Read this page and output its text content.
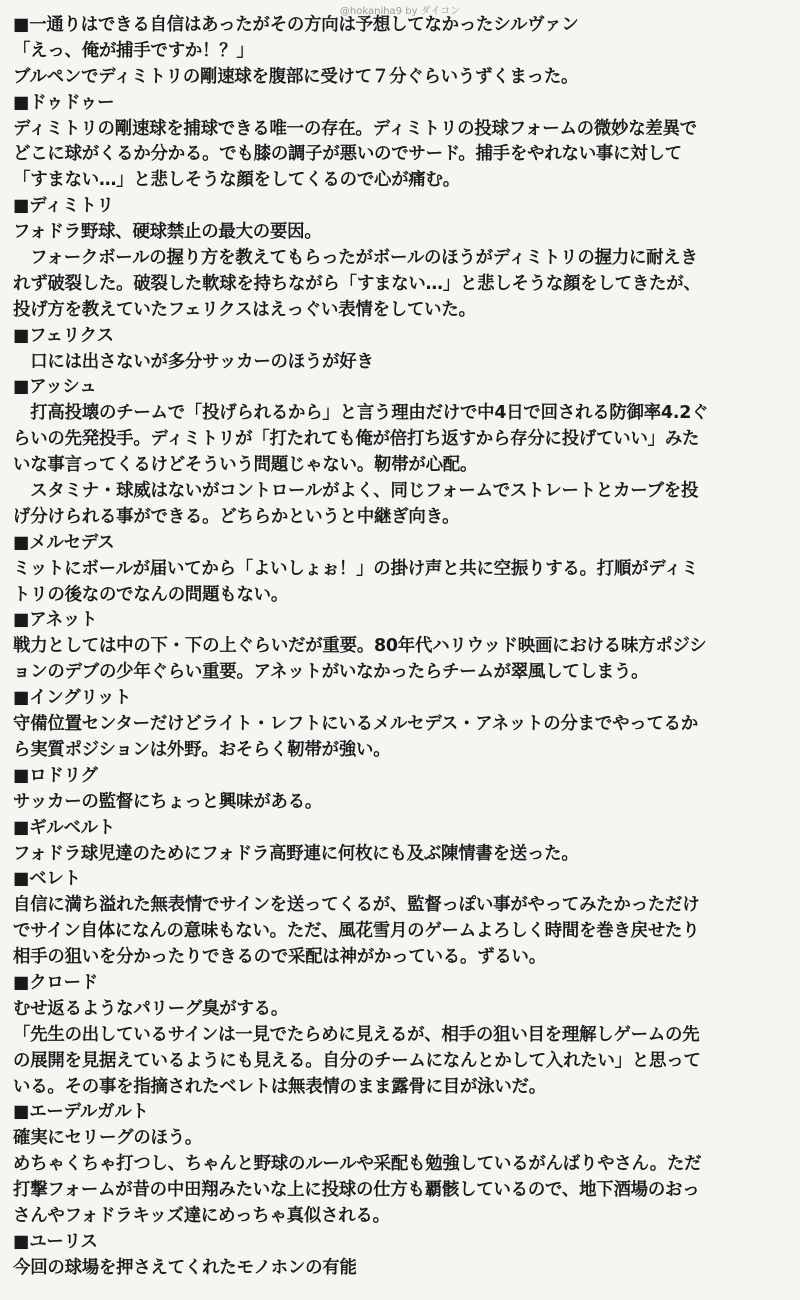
@hokaniha9 by ダイコン
■一通りはできる自信はあったがその方向は予想してなかったシルヴァン
「えっ、俺が捕手ですか！？」
ブルペンでディミトリの剛速球を腹部に受けて７分ぐらいうずくまった。
■ドゥドゥー
ディミトリの剛速球を捕球できる唯一の存在。ディミトリの投球フォームの微妙な差異で
どこに球がくるか分かる。でも膝の調子が悪いのでサード。捕手をやれない事に対して
「すまない…」と悲しそうな顔をしてくるので心が痛む。
■ディミトリ
フォドラ野球、硬球禁止の最大の要因。
　フォークボールの握り方を教えてもらったがボールのほうがディミトリの握力に耐えき
れず破裂した。破裂した軟球を持ちながら「すまない…」と悲しそうな顔をしてきたが、
投げ方を教えていたフェリクスはえっぐい表情をしていた。
■フェリクス
　口には出さないが多分サッカーのほうが好き
■アッシュ
　打高投壊のチームで「投げられるから」と言う理由だけで中4日で回される防御率4.2ぐ
らいの先発投手。ディミトリが「打たれても俺が倍打ち返すから存分に投げていい」みた
いな事言ってくるけどそういう問題じゃない。靭帯が心配。
　スタミナ・球威はないがコントロールがよく、同じフォームでストレートとカーブを投
げ分けられる事ができる。どちらかというと中継ぎ向き。
■メルセデス
ミットにボールが届いてから「よいしょぉ！」の掛け声と共に空振りする。打順がディミ
トリの後なのでなんの問題もない。
■アネット
戦力としては中の下・下の上ぐらいだが重要。80年代ハリウッド映画における味方ポジシ
ョンのデブの少年ぐらい重要。アネットがいなかったらチームが翠風してしまう。
■イングリット
守備位置センターだけどライト・レフトにいるメルセデス・アネットの分までやってるか
ら実質ポジションは外野。おそらく靭帯が強い。
■ロドリグ
サッカーの監督にちょっと興味がある。
■ギルベルト
フォドラ球児達のためにフォドラ高野連に何枚にも及ぶ陳情書を送った。
■ベレト
自信に満ち溢れた無表情でサインを送ってくるが、監督っぽい事がやってみたかっただけ
でサイン自体になんの意味もない。ただ、風花雪月のゲームよろしく時間を巻き戻せたり
相手の狙いを分かったりできるので采配は神がかっている。ずるい。
■クロード
むせ返るようなパリーグ臭がする。
「先生の出しているサインは一見でたらめに見えるが、相手の狙い目を理解しゲームの先
の展開を見据えているようにも見える。自分のチームになんとかして入れたい」と思って
いる。その事を指摘されたベレトは無表情のまま露骨に目が泳いだ。
■エーデルガルト
確実にセリーグのほう。
めちゃくちゃ打つし、ちゃんと野球のルールや采配も勉強しているがんばりやさん。ただ
打撃フォームが昔の中田翔みたいな上に投球の仕方も覇骸しているので、地下酒場のおっ
さんやフォドラキッズ達にめっちゃ真似される。
■ユーリス
今回の球場を押さえてくれたモノホンの有能
